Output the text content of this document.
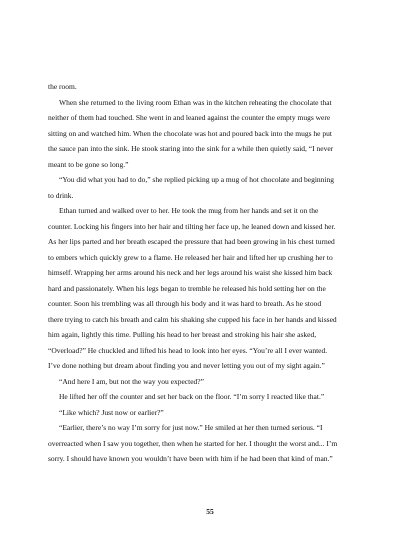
the room.

When she returned to the living room Ethan was in the kitchen reheating the chocolate that
neither of them had touched. She went in and leaned against the counter the empty mugs were
sitting on and watched him. When the chocolate was hot and poured back into the mugs he put
the sauce pan into the sink. He stook staring into the sink for a while then quietly said, “I never
meant to be gone so long.”

“You did what you had to do,” she replied picking up a mug of hot chocolate and beginning
to drink.

Ethan turned and walked over to her. He took the mug from her hands and set it on the
counter. Locking his fingers into her hair and tilting her face up, he leaned down and kissed her.
As her lips parted and her breath escaped the pressure that had been growing in his chest turned
to embers which quickly grew to a flame. He released her hair and lifted her up crushing her to
himself. Wrapping her arms around his neck and her legs around his waist she kissed him back
hard and passionately. When his legs began to tremble he released his hold setting her on the
counter. Soon his trembling was all through his body and it was hard to breath. As he stood
there trying to catch his breath and calm his shaking she cupped his face in her hands and kissed
him again, lightly this time. Pulling his head to her breast and stroking his hair she asked,
“Overload?” He chuckled and lifted his head to look into her eyes. “You’re all I ever wanted.
I’ve done nothing but dream about finding you and never letting you out of my sight again.”

“And here I am, but not the way you expected?”

He lifted her off the counter and set her back on the floor. “I’m sorry I reacted like that.”

“Like which? Just now or earlier?”

“Earlier, there’s no way I’m sorry for just now.” He smiled at her then turned serious. “I
overreacted when I saw you together, then when he started for her. I thought the worst and... I’m
sorry. I should have known you wouldn’t have been with him if he had been that kind of man.”

55
